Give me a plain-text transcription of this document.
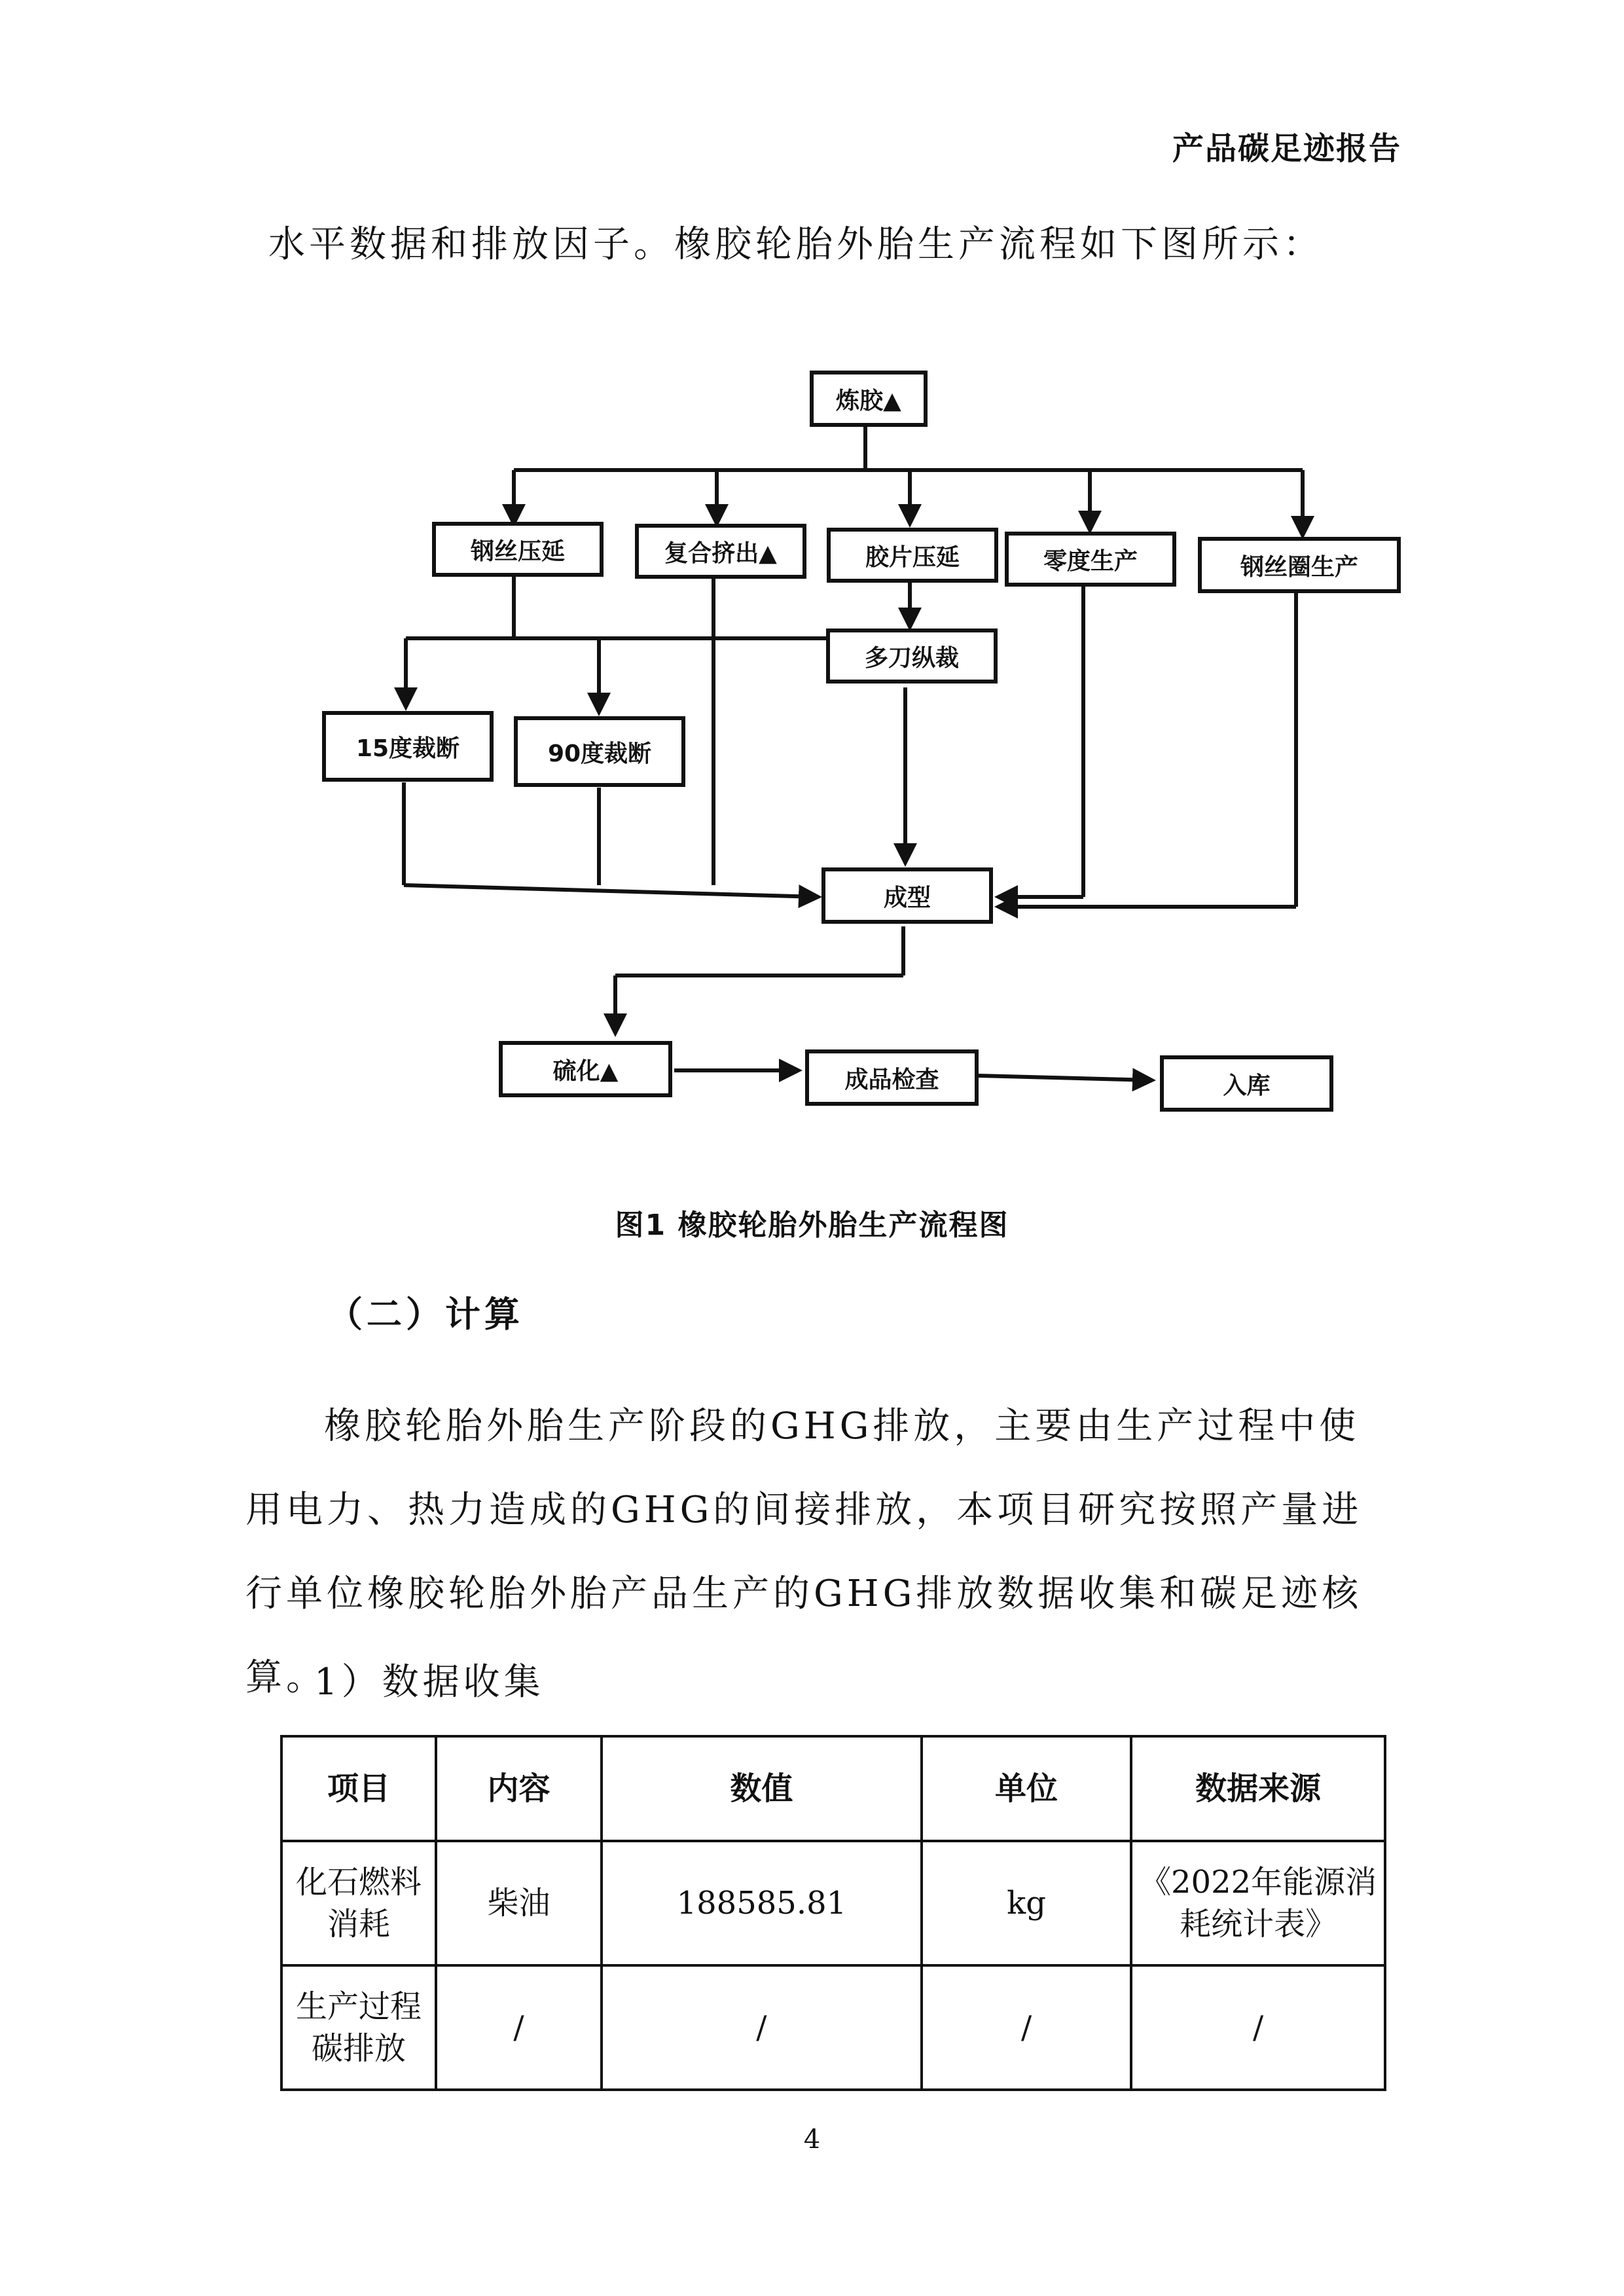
产品碳足迹报告
水平数据和排放因子。橡胶轮胎外胎生产流程如下图所示：
炼胶▲
钢丝压延	复合挤出▲	胶片压延	零度生产	钢丝圈生产
多刀纵裁
15度裁断	90度裁断
成型
硫化▲	成品检查	入库
图1 橡胶轮胎外胎生产流程图
（二）计算
橡胶轮胎外胎生产阶段的GHG排放，主要由生产过程中使用电力、热力造成的GHG的间接排放，本项目研究按照产量进行单位橡胶轮胎外胎产品生产的GHG排放数据收集和碳足迹核算。
1）数据收集
项目	内容	数值	单位	数据来源
化石燃料消耗	柴油	188585.81	kg	《2022年能源消耗统计表》
生产过程碳排放	/	/	/	/
4
